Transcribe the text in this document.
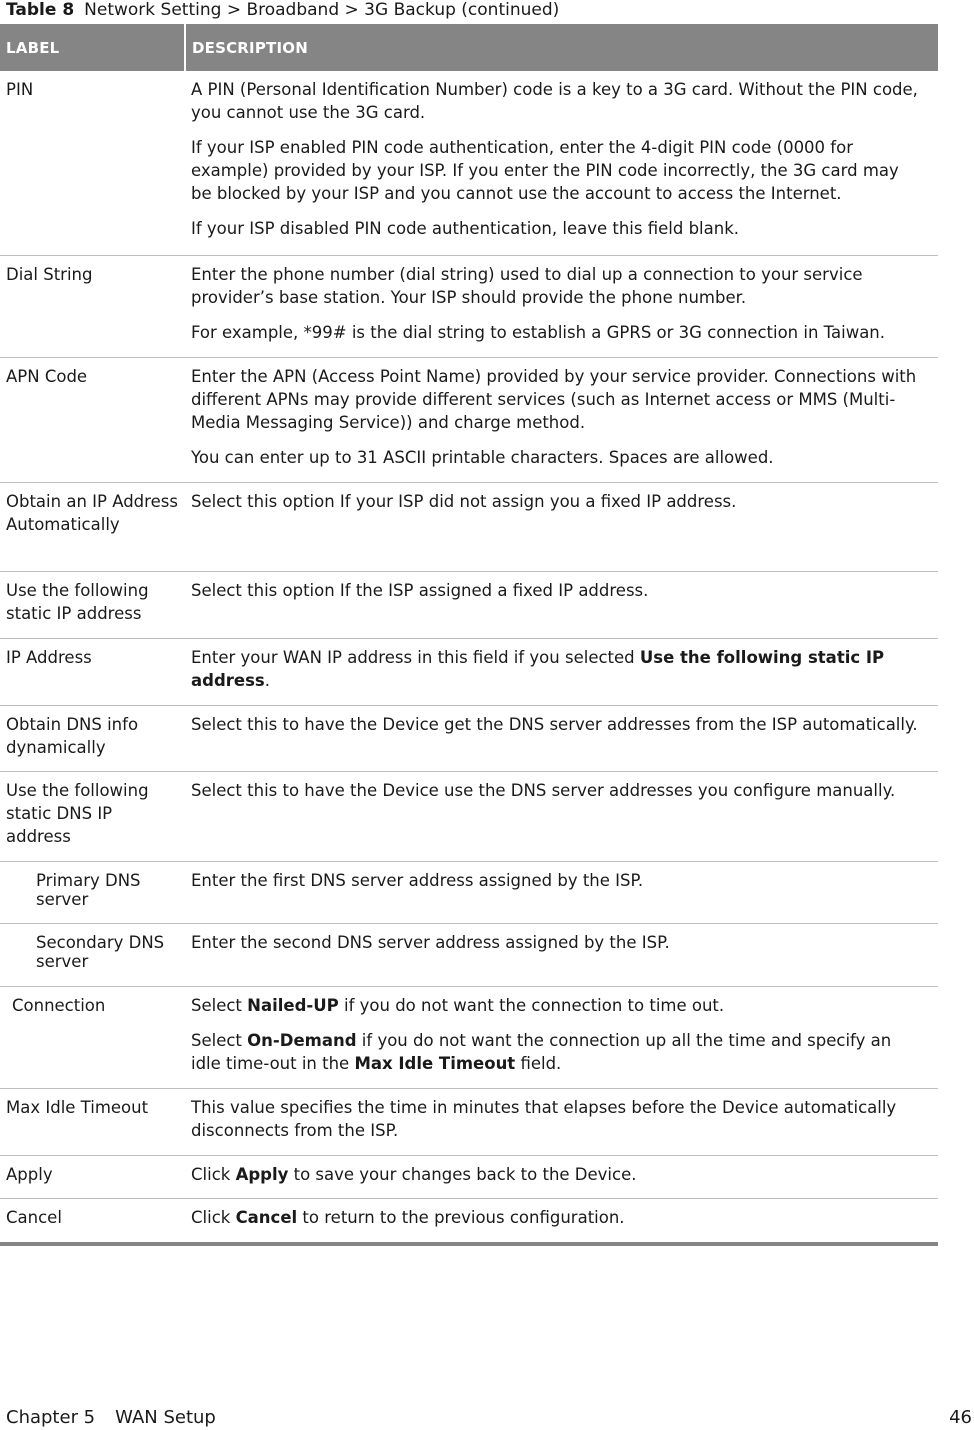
Table 8 Network Setting > Broadband > 3G Backup (continued)
LABEL	DESCRIPTION
PIN	A PIN (Personal Identification Number) code is a key to a 3G card. Without the PIN code, you cannot use the 3G card.

If your ISP enabled PIN code authentication, enter the 4-digit PIN code (0000 for example) provided by your ISP. If you enter the PIN code incorrectly, the 3G card may be blocked by your ISP and you cannot use the account to access the Internet.

If your ISP disabled PIN code authentication, leave this field blank.

Dial String	Enter the phone number (dial string) used to dial up a connection to your service provider’s base station. Your ISP should provide the phone number.

For example, *99# is the dial string to establish a GPRS or 3G connection in Taiwan.

APN Code	Enter the APN (Access Point Name) provided by your service provider. Connections with different APNs may provide different services (such as Internet access or MMS (Multi-Media Messaging Service)) and charge method.

You can enter up to 31 ASCII printable characters. Spaces are allowed.

Obtain an IP Address Automatically	Select this option If your ISP did not assign you a fixed IP address.

Use the following static IP address	Select this option If the ISP assigned a fixed IP address.

IP Address	Enter your WAN IP address in this field if you selected Use the following static IP address.

Obtain DNS info dynamically	Select this to have the Device get the DNS server addresses from the ISP automatically.

Use the following static DNS IP address	Select this to have the Device use the DNS server addresses you configure manually.

Primary DNS server	Enter the first DNS server address assigned by the ISP.

Secondary DNS server	Enter the second DNS server address assigned by the ISP.

Connection	Select Nailed-UP if you do not want the connection to time out.

Select On-Demand if you do not want the connection up all the time and specify an idle time-out in the Max Idle Timeout field.

Max Idle Timeout	This value specifies the time in minutes that elapses before the Device automatically disconnects from the ISP.

Apply	Click Apply to save your changes back to the Device.

Cancel	Click Cancel to return to the previous configuration.

Chapter 5 WAN Setup	46
